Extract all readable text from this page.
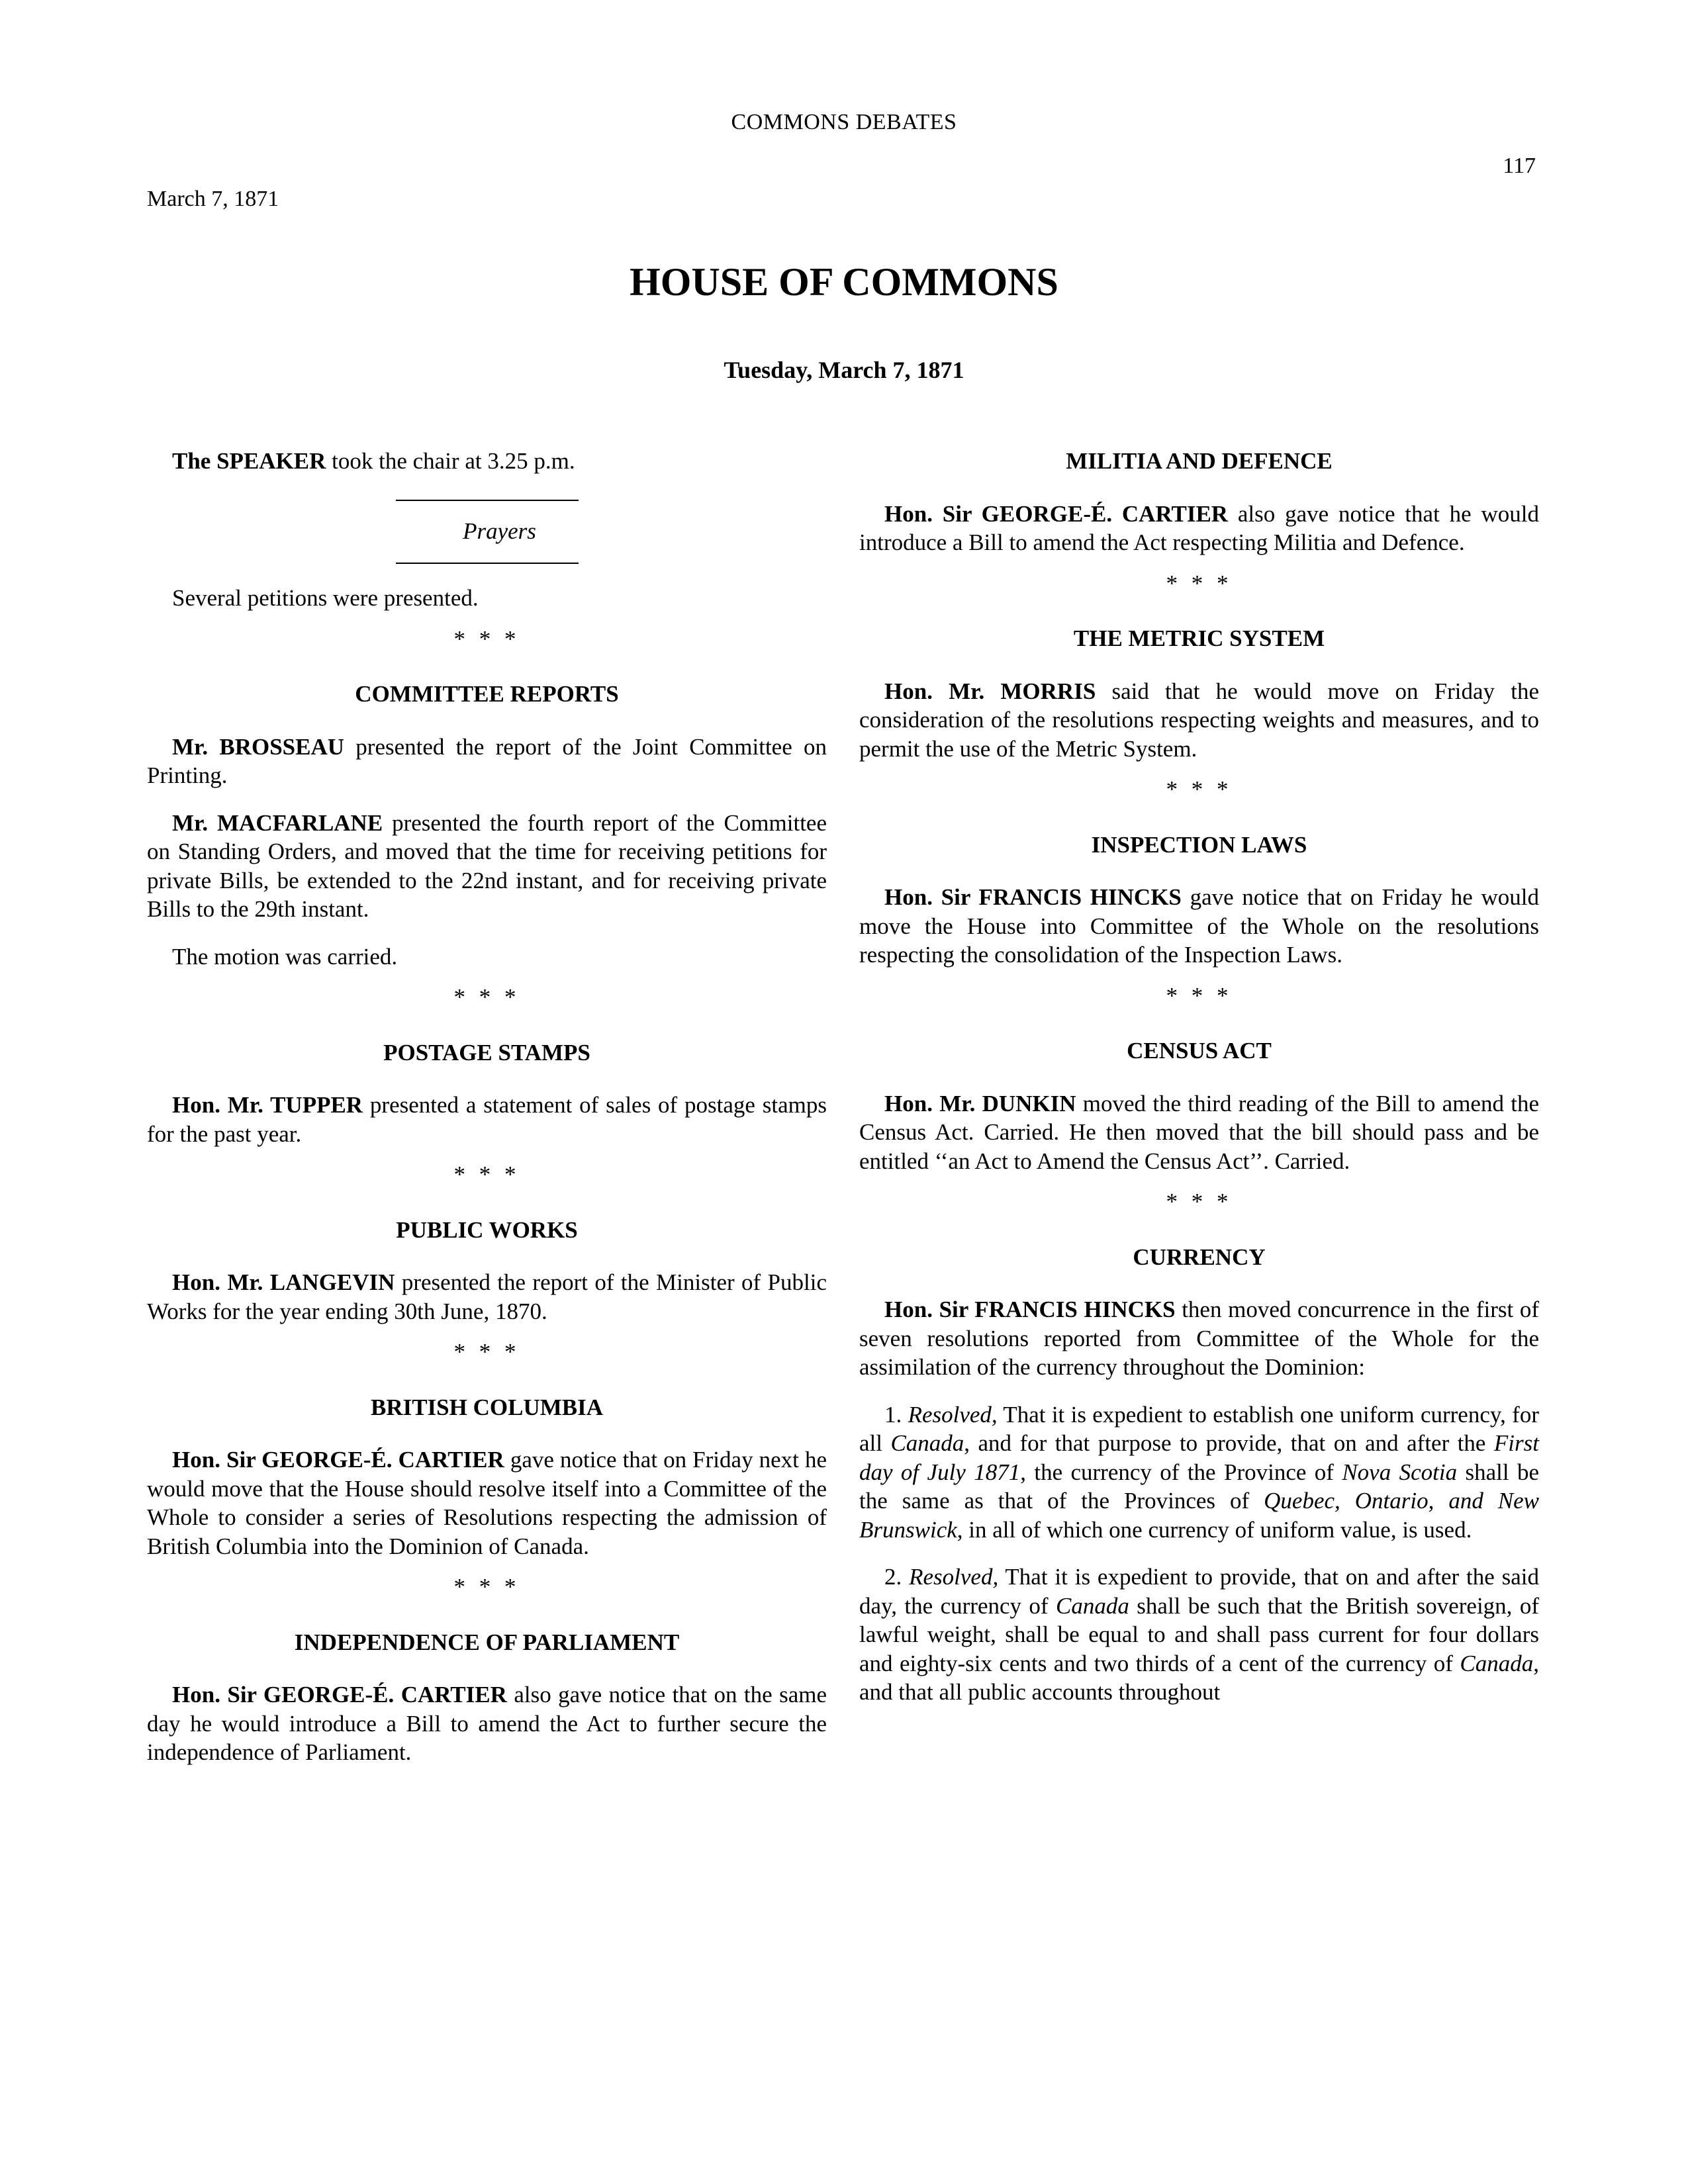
COMMONS DEBATES
117
March 7, 1871
HOUSE OF COMMONS
Tuesday, March 7, 1871

The SPEAKER took the chair at 3.25 p.m.

Prayers

Several petitions were presented.

* * *
COMMITTEE REPORTS

Mr. BROSSEAU presented the report of the Joint Committee on Printing.

Mr. MACFARLANE presented the fourth report of the Committee on Standing Orders, and moved that the time for receiving petitions for private Bills, be extended to the 22nd instant, and for receiving private Bills to the 29th instant.

The motion was carried.

* * *
POSTAGE STAMPS

Hon. Mr. TUPPER presented a statement of sales of postage stamps for the past year.

* * *
PUBLIC WORKS

Hon. Mr. LANGEVIN presented the report of the Minister of Public Works for the year ending 30th June, 1870.

* * *
BRITISH COLUMBIA

Hon. Sir GEORGE-É. CARTIER gave notice that on Friday next he would move that the House should resolve itself into a Committee of the Whole to consider a series of Resolutions respecting the admission of British Columbia into the Dominion of Canada.

* * *
INDEPENDENCE OF PARLIAMENT

Hon. Sir GEORGE-É. CARTIER also gave notice that on the same day he would introduce a Bill to amend the Act to further secure the independence of Parliament.

MILITIA AND DEFENCE

Hon. Sir GEORGE-É. CARTIER also gave notice that he would introduce a Bill to amend the Act respecting Militia and Defence.

* * *
THE METRIC SYSTEM

Hon. Mr. MORRIS said that he would move on Friday the consideration of the resolutions respecting weights and measures, and to permit the use of the Metric System.

* * *
INSPECTION LAWS

Hon. Sir FRANCIS HINCKS gave notice that on Friday he would move the House into Committee of the Whole on the resolutions respecting the consolidation of the Inspection Laws.

* * *
CENSUS ACT

Hon. Mr. DUNKIN moved the third reading of the Bill to amend the Census Act. Carried. He then moved that the bill should pass and be entitled ‘‘an Act to Amend the Census Act’’. Carried.

* * *
CURRENCY

Hon. Sir FRANCIS HINCKS then moved concurrence in the first of seven resolutions reported from Committee of the Whole for the assimilation of the currency throughout the Dominion:

1. Resolved, That it is expedient to establish one uniform currency, for all Canada, and for that purpose to provide, that on and after the First day of July 1871, the currency of the Province of Nova Scotia shall be the same as that of the Provinces of Quebec, Ontario, and New Brunswick, in all of which one currency of uniform value, is used.

2. Resolved, That it is expedient to provide, that on and after the said day, the currency of Canada shall be such that the British sovereign, of lawful weight, shall be equal to and shall pass current for four dollars and eighty-six cents and two thirds of a cent of the currency of Canada, and that all public accounts throughout
